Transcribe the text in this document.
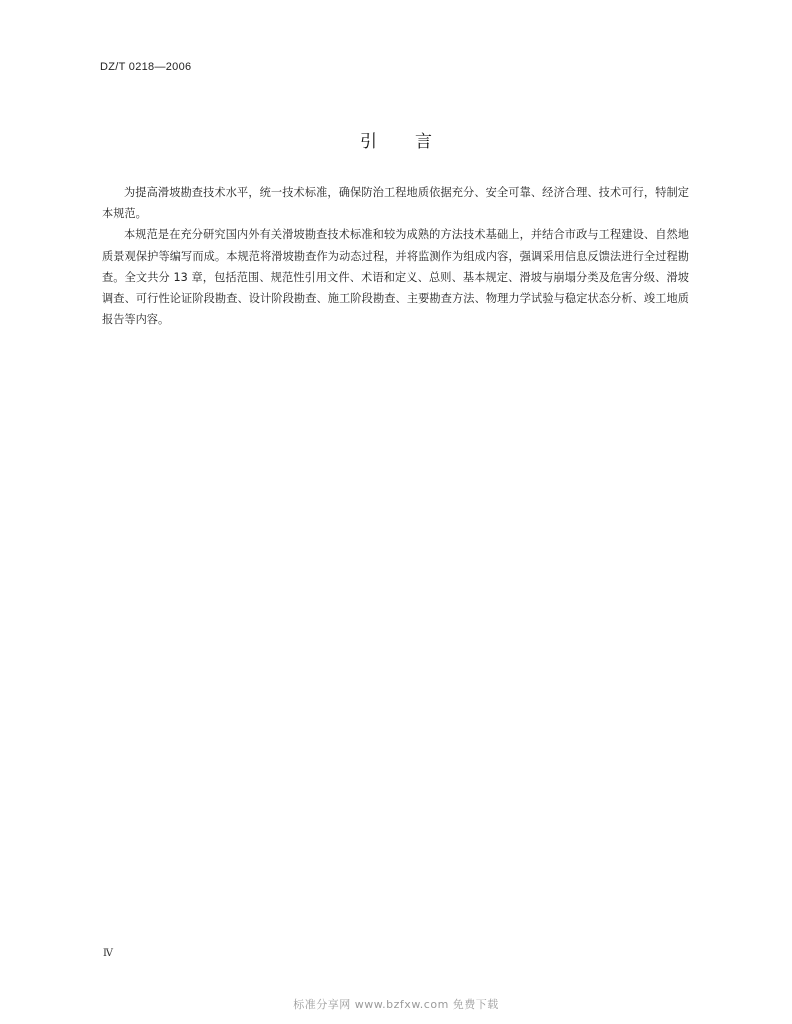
DZ/T 0218—2006
引言

为提高滑坡勘查技术水平，统一技术标准，确保防治工程地质依据充分、安全可靠、经济合理、技术可行，特制定本规范。

本规范是在充分研究国内外有关滑坡勘查技术标准和较为成熟的方法技术基础上，并结合市政与工程建设、自然地质景观保护等编写而成。本规范将滑坡勘查作为动态过程，并将监测作为组成内容，强调采用信息反馈法进行全过程勘查。全文共分 13 章，包括范围、规范性引用文件、术语和定义、总则、基本规定、滑坡与崩塌分类及危害分级、滑坡调查、可行性论证阶段勘查、设计阶段勘查、施工阶段勘查、主要勘查方法、物理力学试验与稳定状态分析、竣工地质报告等内容。

Ⅳ
标准分享网 www.bzfxw.com 免费下载
